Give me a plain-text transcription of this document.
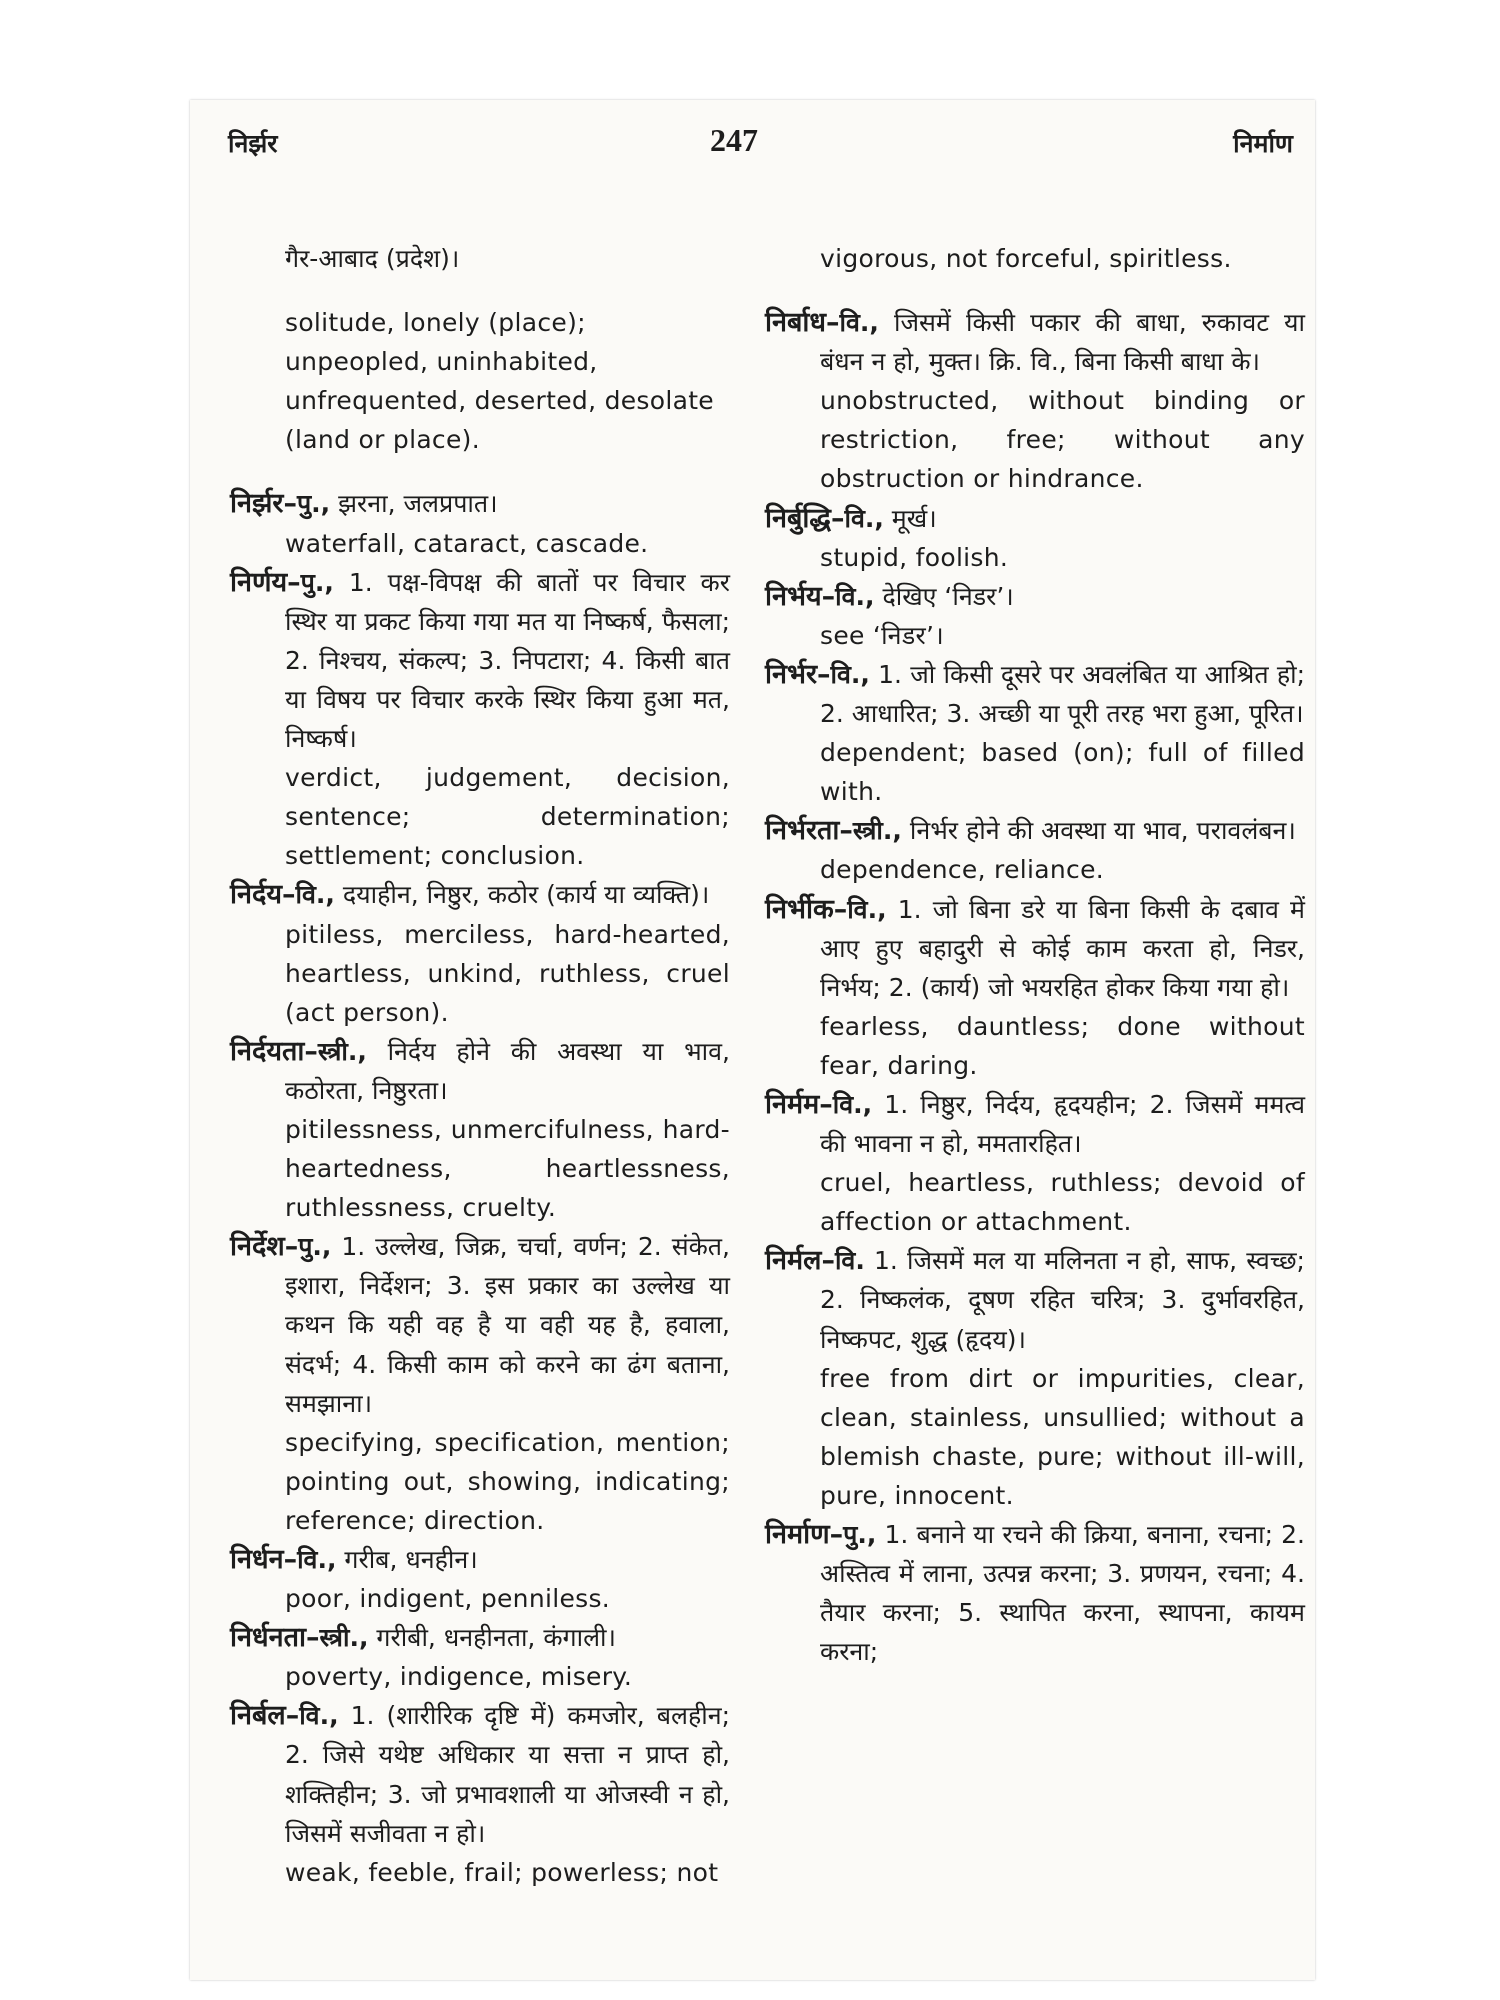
निर्झर	247	निर्माण

गैर-आबाद (प्रदेश)।

solitude, lonely (place); unpeopled, uninhabited, unfrequented, deserted, desolate (land or place).

निर्झर–पु., झरना, जलप्रपात।

waterfall, cataract, cascade.

निर्णय–पु., 1. पक्ष-विपक्ष की बातों पर विचार कर स्थिर या प्रकट किया गया मत या निष्कर्ष, फैसला; 2. निश्चय, संकल्प; 3. निपटारा; 4. किसी बात या विषय पर विचार करके स्थिर किया हुआ मत, निष्कर्ष।

verdict, judgement, decision, sentence; determination; settlement; conclusion.

निर्दय–वि., दयाहीन, निष्ठुर, कठोर (कार्य या व्यक्ति)।

pitiless, merciless, hard-hearted, heartless, unkind, ruthless, cruel (act person).

निर्दयता–स्त्री., निर्दय होने की अवस्था या भाव, कठोरता, निष्ठुरता।

pitilessness, unmercifulness, hard-heartedness, heartlessness, ruthlessness, cruelty.

निर्देश–पु., 1. उल्लेख, जिक्र, चर्चा, वर्णन; 2. संकेत, इशारा, निर्देशन; 3. इस प्रकार का उल्लेख या कथन कि यही वह है या वही यह है, हवाला, संदर्भ; 4. किसी काम को करने का ढंग बताना, समझाना।

specifying, specification, mention; pointing out, showing, indicating; reference; direction.

निर्धन–वि., गरीब, धनहीन।

poor, indigent, penniless.

निर्धनता–स्त्री., गरीबी, धनहीनता, कंगाली।

poverty, indigence, misery.

निर्बल–वि., 1. (शारीरिक दृष्टि में) कमजोर, बलहीन; 2. जिसे यथेष्ट अधिकार या सत्ता न प्राप्त हो, शक्तिहीन; 3. जो प्रभावशाली या ओजस्वी न हो, जिसमें सजीवता न हो।

weak, feeble, frail; powerless; not

vigorous, not forceful, spiritless.

निर्बाध–वि., जिसमें किसी पकार की बाधा, रुकावट या बंधन न हो, मुक्त। क्रि. वि., बिना किसी बाधा के।

unobstructed, without binding or restriction, free; without any obstruction or hindrance.

निर्बुद्धि–वि., मूर्ख।

stupid, foolish.

निर्भय–वि., देखिए ‘निडर’।

see ‘निडर’।

निर्भर–वि., 1. जो किसी दूसरे पर अवलंबित या आश्रित हो; 2. आधारित; 3. अच्छी या पूरी तरह भरा हुआ, पूरित।

dependent; based (on); full of filled with.

निर्भरता–स्त्री., निर्भर होने की अवस्था या भाव, परावलंबन।

dependence, reliance.

निर्भीक–वि., 1. जो बिना डरे या बिना किसी के दबाव में आए हुए बहादुरी से कोई काम करता हो, निडर, निर्भय; 2. (कार्य) जो भयरहित होकर किया गया हो।

fearless, dauntless; done without fear, daring.

निर्मम–वि., 1. निष्ठुर, निर्दय, हृदयहीन; 2. जिसमें ममत्व की भावना न हो, ममतारहित।

cruel, heartless, ruthless; devoid of affection or attachment.

निर्मल–वि. 1. जिसमें मल या मलिनता न हो, साफ, स्वच्छ; 2. निष्कलंक, दूषण रहित चरित्र; 3. दुर्भावरहित, निष्कपट, शुद्ध (हृदय)।

free from dirt or impurities, clear, clean, stainless, unsullied; without a blemish chaste, pure; without ill-will, pure, innocent.

निर्माण–पु., 1. बनाने या रचने की क्रिया, बनाना, रचना; 2. अस्तित्व में लाना, उत्पन्न करना; 3. प्रणयन, रचना; 4. तैयार करना; 5. स्थापित करना, स्थापना, कायम करना;
